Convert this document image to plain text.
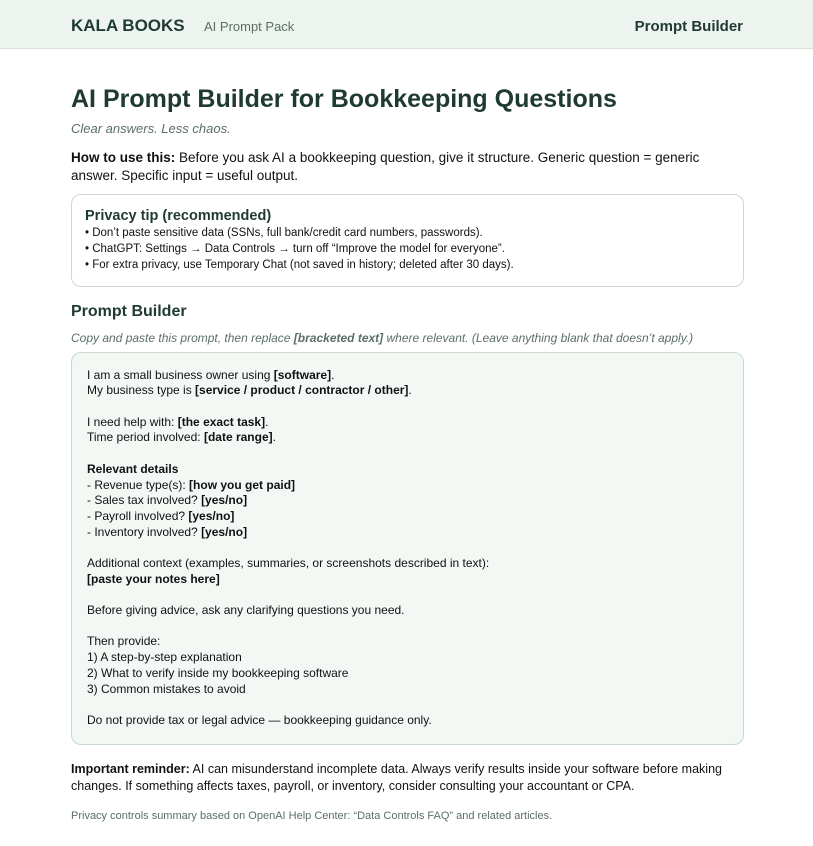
KALA BOOKS AI Prompt Pack	Prompt Builder
AI Prompt Builder for Bookkeeping Questions
Clear answers. Less chaos.

How to use this: Before you ask AI a bookkeeping question, give it structure. Generic question = generic answer. Specific input = useful output.

Privacy tip (recommended)
• Don’t paste sensitive data (SSNs, full bank/credit card numbers, passwords).
• ChatGPT: Settings → Data Controls → turn off “Improve the model for everyone”.
• For extra privacy, use Temporary Chat (not saved in history; deleted after 30 days).
Prompt Builder

Copy and paste this prompt, then replace [bracketed text] where relevant. (Leave anything blank that doesn’t apply.)

I am a small business owner using [software].
My business type is [service / product / contractor / other].
I need help with: [the exact task].
Time period involved: [date range].
Relevant details
- Revenue type(s): [how you get paid]
- Sales tax involved? [yes/no]
- Payroll involved? [yes/no]
- Inventory involved? [yes/no]
Additional context (examples, summaries, or screenshots described in text):
[paste your notes here]
Before giving advice, ask any clarifying questions you need.
Then provide:
1) A step-by-step explanation
2) What to verify inside my bookkeeping software
3) Common mistakes to avoid
Do not provide tax or legal advice — bookkeeping guidance only.

Important reminder: AI can misunderstand incomplete data. Always verify results inside your software before making changes. If something affects taxes, payroll, or inventory, consider consulting your accountant or CPA.

Privacy controls summary based on OpenAI Help Center: “Data Controls FAQ” and related articles.
